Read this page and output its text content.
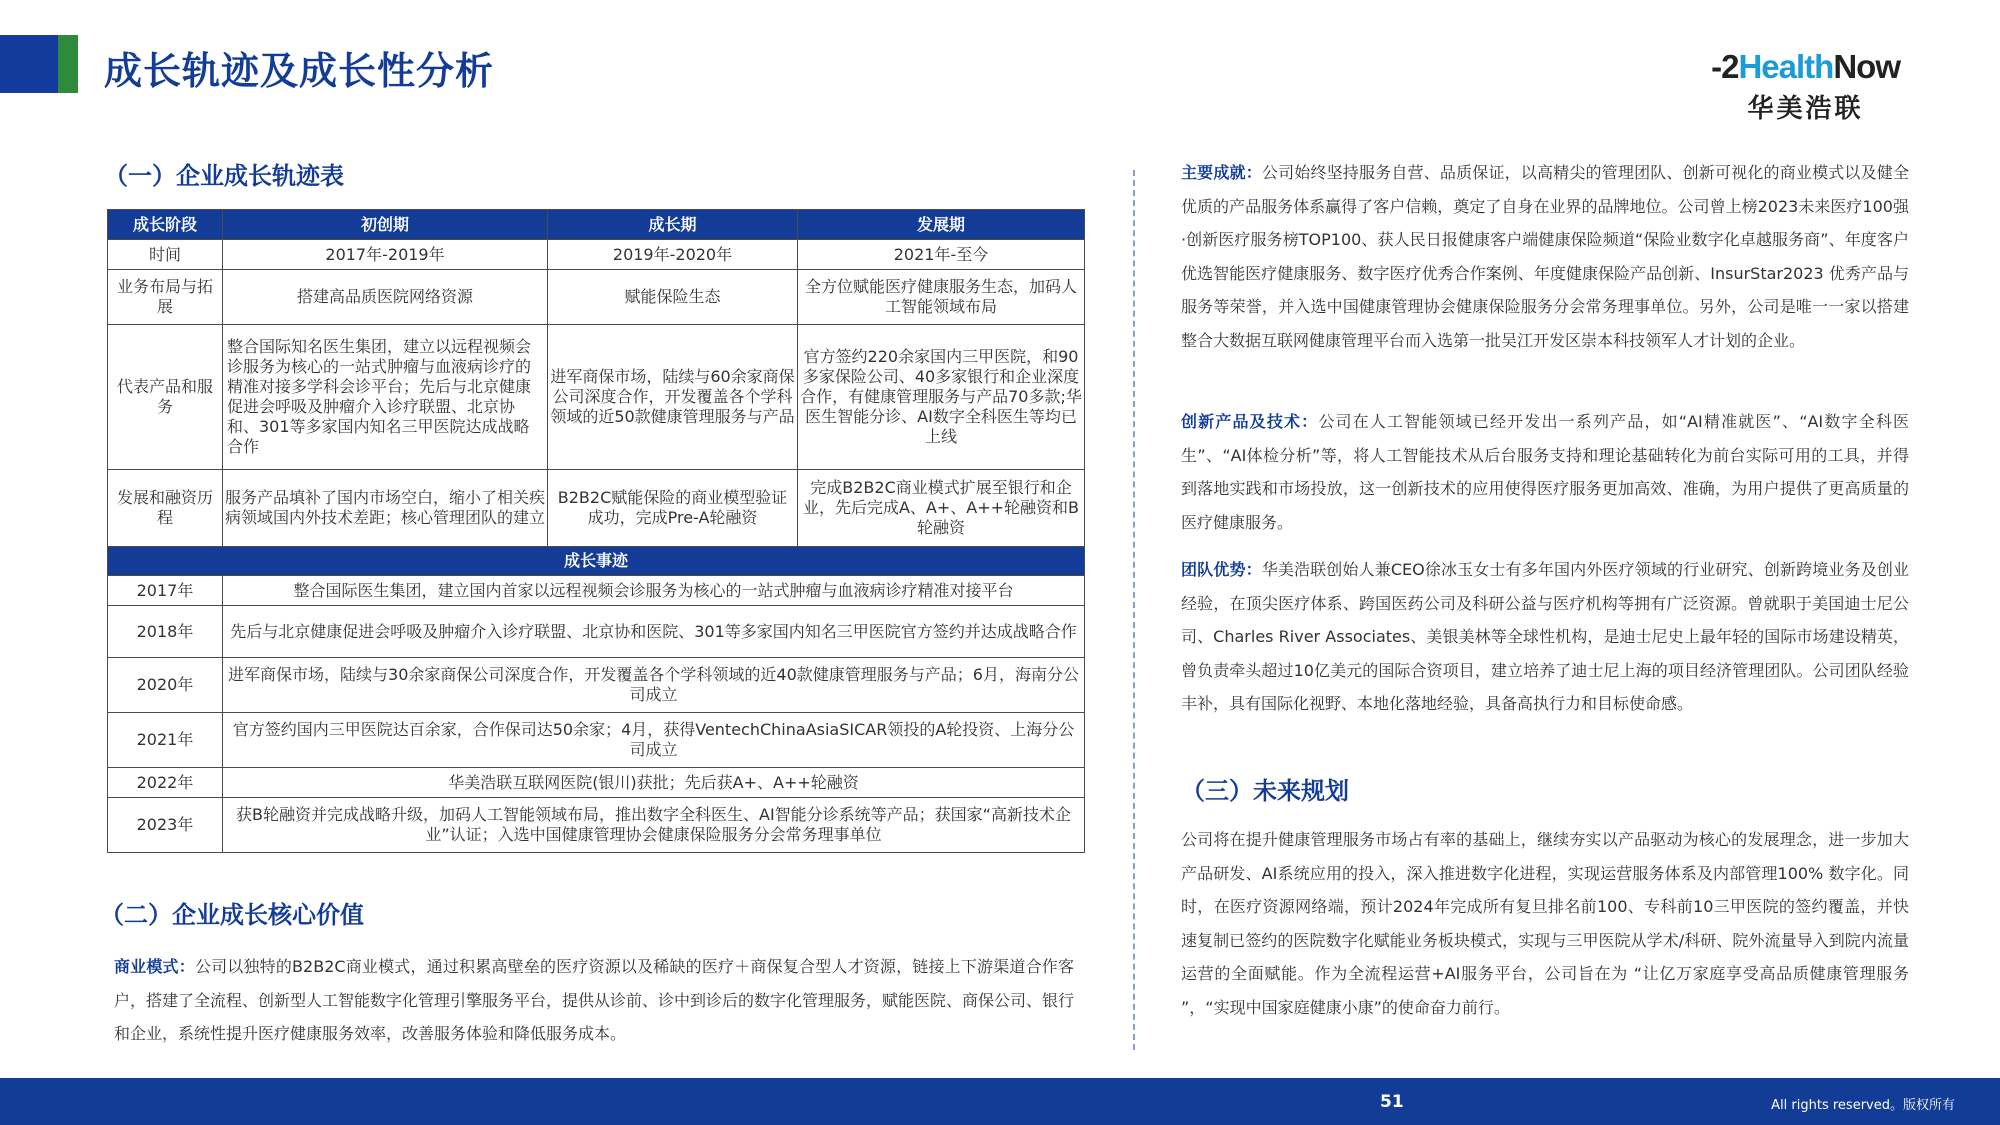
成长轨迹及成长性分析	-2HealthNow
华美浩联
（一）企业成长轨迹表
成长阶段	初创期	成长期	发展期
时间	2017年-2019年	2019年-2020年	2021年-至今
业务布局与拓展	搭建高品质医院网络资源	赋能保险生态	全方位赋能医疗健康服务生态，加码人工智能领域布局
代表产品和服务	整合国际知名医生集团，建立以远程视频会诊服务为核心的一站式肿瘤与血液病诊疗的精准对接多学科会诊平台；先后与北京健康促进会呼吸及肿瘤介入诊疗联盟、北京协和、301等多家国内知名三甲医院达成战略合作	进军商保市场，陆续与60余家商保公司深度合作，开发覆盖各个学科领域的近50款健康管理服务与产品	官方签约220余家国内三甲医院，和90多家保险公司、40多家银行和企业深度合作，有健康管理服务与产品70多款;华医生智能分诊、AI数字全科医生等均已上线
发展和融资历程	服务产品填补了国内市场空白，缩小了相关疾病领域国内外技术差距；核心管理团队的建立	B2B2C赋能保险的商业模型验证成功，完成Pre-A轮融资	完成B2B2C商业模式扩展至银行和企业，先后完成A、A+、A++轮融资和B轮融资
成长事迹			
2017年	整合国际医生集团，建立国内首家以远程视频会诊服务为核心的一站式肿瘤与血液病诊疗精准对接平台		
2018年	先后与北京健康促进会呼吸及肿瘤介入诊疗联盟、北京协和医院、301等多家国内知名三甲医院官方签约并达成战略合作		
2020年	进军商保市场，陆续与30余家商保公司深度合作，开发覆盖各个学科领域的近40款健康管理服务与产品；6月，海南分公司成立		
2021年	官方签约国内三甲医院达百余家，合作保司达50余家；4月，获得VentechChinaAsiaSICAR领投的A轮投资、上海分公司成立		
2022年	华美浩联互联网医院(银川)获批；先后获A+、A++轮融资		
2023年	获B轮融资并完成战略升级，加码人工智能领域布局，推出数字全科医生、AI智能分诊系统等产品；获国家“高新技术企业”认证；入选中国健康管理协会健康保险服务分会常务理事单位		
（二）企业成长核心价值
商业模式：公司以独特的B2B2C商业模式，通过积累高壁垒的医疗资源以及稀缺的医疗＋商保复合型人才资源，链接上下游渠道合作客户，搭建了全流程、创新型人工智能数字化管理引擎服务平台，提供从诊前、诊中到诊后的数字化管理服务，赋能医院、商保公司、银行和企业，系统性提升医疗健康服务效率，改善服务体验和降低服务成本。
主要成就：公司始终坚持服务自营、品质保证，以高精尖的管理团队、创新可视化的商业模式以及健全优质的产品服务体系赢得了客户信赖，奠定了自身在业界的品牌地位。公司曾上榜2023未来医疗100强·创新医疗服务榜TOP100、获人民日报健康客户端健康保险频道“保险业数字化卓越服务商”、年度客户优选智能医疗健康服务、数字医疗优秀合作案例、年度健康保险产品创新、InsurStar2023 优秀产品与服务等荣誉，并入选中国健康管理协会健康保险服务分会常务理事单位。另外，公司是唯一一家以搭建整合大数据互联网健康管理平台而入选第一批吴江开发区崇本科技领军人才计划的企业。
创新产品及技术：公司在人工智能领域已经开发出一系列产品，如“AI精准就医”、“AI数字全科医生”、“AI体检分析”等，将人工智能技术从后台服务支持和理论基础转化为前台实际可用的工具，并得到落地实践和市场投放，这一创新技术的应用使得医疗服务更加高效、准确，为用户提供了更高质量的医疗健康服务。
团队优势：华美浩联创始人兼CEO徐冰玉女士有多年国内外医疗领域的行业研究、创新跨境业务及创业经验，在顶尖医疗体系、跨国医药公司及科研公益与医疗机构等拥有广泛资源。曾就职于美国迪士尼公司、Charles River Associates、美银美林等全球性机构，是迪士尼史上最年轻的国际市场建设精英，曾负责牵头超过10亿美元的国际合资项目，建立培养了迪士尼上海的项目经济管理团队。公司团队经验丰补，具有国际化视野、本地化落地经验，具备高执行力和目标使命感。
（三）未来规划
公司将在提升健康管理服务市场占有率的基础上，继续夯实以产品驱动为核心的发展理念，进一步加大产品研发、AI系统应用的投入，深入推进数字化进程，实现运营服务体系及内部管理100% 数字化。同时，在医疗资源网络端，预计2024年完成所有复旦排名前100、专科前10三甲医院的签约覆盖，并快速复制已签约的医院数字化赋能业务板块模式，实现与三甲医院从学术/科研、院外流量导入到院内流量运营的全面赋能。作为全流程运营+AI服务平台，公司旨在为 “让亿万家庭享受高品质健康管理服务 ”，“实现中国家庭健康小康”的使命奋力前行。
51	All rights reserved。版权所有
